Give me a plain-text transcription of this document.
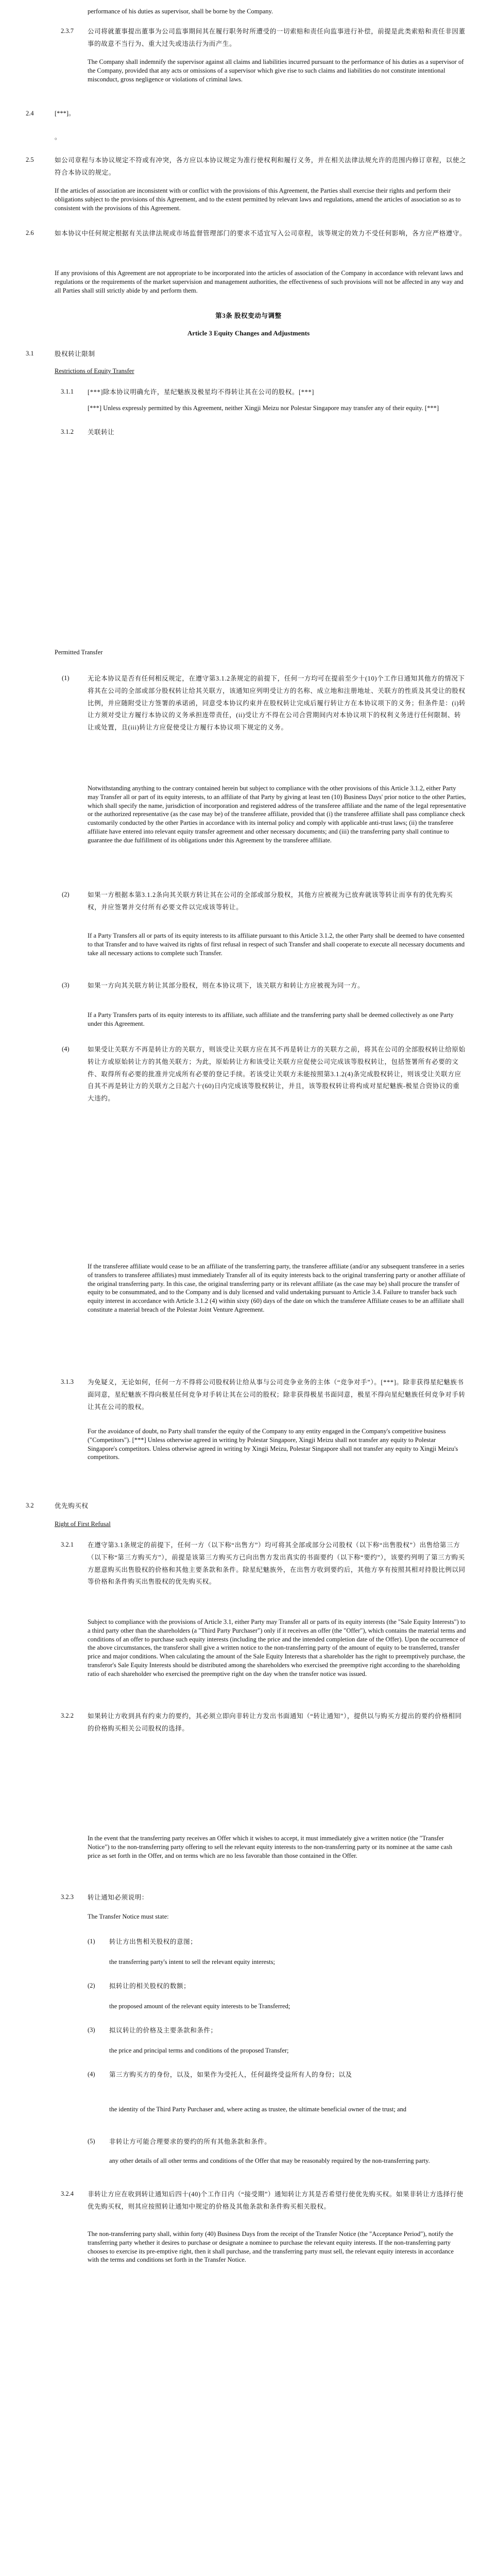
performance of his duties as supervisor, shall be borne by the Company.

2.3.7 公司将就董事提出董事为公司监事期间其在履行职务时所遭受的一切索赔和责任向监事进行补偿，前提是此类索赔和责任非因董事的故意不当行为、重大过失或违法行为而产生。

The Company shall indemnify the supervisor against all claims and liabilities incurred pursuant to the performance of his duties as a supervisor of the Company, provided that any acts or omissions of a supervisor which give rise to such claims and liabilities do not constitute intentional misconduct, gross negligence or violations of criminal laws.

2.4	[***]。

。

2.5	如公司章程与本协议规定不符或有冲突，各方应以本协议规定为准行使权利和履行义务，并在相关法律法规允许的范围内修订章程，以使之符合本协议的规定。

If the articles of association are inconsistent with or conflict with the provisions of this Agreement, the Parties shall exercise their rights and perform their obligations subject to the provisions of this Agreement, and to the extent permitted by relevant laws and regulations, amend the articles of association so as to consistent with the provisions of this Agreement.

2.6	如本协议中任何规定根据有关法律法规或市场监督管理部门的要求不适宜写入公司章程，该等规定的效力不受任何影响，各方应严格遵守。

If any provisions of this Agreement are not appropriate to be incorporated into the articles of association of the Company in accordance with relevant laws and regulations or the requirements of the market supervision and management authorities, the effectiveness of such provisions will not be affected in any way and all Parties shall still strictly abide by and perform them.

第3条 股权变动与调整

Article 3 Equity Changes and Adjustments

3.1	股权转让限制

Restrictions of Equity Transfer

3.1.1 [***]除本协议明确允许，星纪魅族及极星均不得转让其在公司的股权。[***]

[***] Unless expressly permitted by this Agreement, neither Xingji Meizu nor Polestar Singapore may transfer any of their equity. [***]

3.1.2 关联转让

Permitted Transfer

(1)	无论本协议是否有任何相反规定，在遵守第3.1.2条规定的前提下，任何一方均可在提前至少十(10)个工作日通知其他方的情况下将其在公司的全部或部分股权转让给其关联方，该通知应列明受让方的名称、成立地和注册地址、关联方的性质及其受让的股权比例，并应随附受让方签署的承诺函，同意受本协议约束并在股权转让完成后履行转让方在本协议项下的义务；但条件是：(i)转让方须对受让方履行本协议的义务承担连带责任，(ii)受让方不得在公司合营期间内对本协议项下的权利义务进行任何限制、转让或处置，且(iii)转让方应促使受让方履行本协议项下规定的义务。

Notwithstanding anything to the contrary contained herein but subject to compliance with the other provisions of this Article 3.1.2, either Party may Transfer all or part of its equity interests, to an affiliate of that Party by giving at least ten (10) Business Days' prior notice to the other Parties, which shall specify the name, jurisdiction of incorporation and registered address of the transferee affiliate and the name of the legal representative or the authorized representative (as the case may be) of the transferee affiliate, provided that (i) the transferee affiliate shall pass compliance check customarily conducted by the other Parties in accordance with its internal policy and comply with applicable anti-trust laws; (ii) the transferee affiliate have entered into relevant equity transfer agreement and other necessary documents; and (iii) the transferring party shall continue to guarantee the due fulfillment of its obligations under this Agreement by the transferee affiliate.

(2)	如果一方根据本第3.1.2条向其关联方转让其在公司的全部或部分股权，其他方应被视为已放弃就该等转让而享有的优先购买权，并应签署并交付所有必要文件以完成该等转让。

If a Party Transfers all or parts of its equity interests to its affiliate pursuant to this Article 3.1.2, the other Party shall be deemed to have consented to that Transfer and to have waived its rights of first refusal in respect of such Transfer and shall cooperate to execute all necessary documents and take all necessary actions to complete such Transfer.

(3)	如果一方向其关联方转让其部分股权，则在本协议项下，该关联方和转让方应被视为同一方。

If a Party Transfers parts of its equity interests to its affiliate, such affiliate and the transferring party shall be deemed collectively as one Party under this Agreement.

(4)	如果受让关联方不再是转让方的关联方，则该受让关联方应在其不再是转让方的关联方之前，将其在公司的全部股权转让给原始转让方或原始转让方的其他关联方；为此，原始转让方和该受让关联方应促使公司完成该等股权转让，包括签署所有必要的文件、取得所有必要的批准并完成所有必要的登记手续。若该受让关联方未能按照第3.1.2(4)条完成股权转让，则该受让关联方应自其不再是转让方的关联方之日起六十(60)日内完成该等股权转让，并且，该等股权转让将构成对星纪魅族-极星合资协议的重大违约。

If the transferee affiliate would cease to be an affiliate of the transferring party, the transferee affiliate (and/or any subsequent transferee in a series of transfers to transferee affiliates) must immediately Transfer all of its equity interests back to the original transferring party or another affiliate of the original transferring party. In this case, the original transferring party or its relevant affiliate (as the case may be) shall procure the transfer of equity to be consummated, and to the Company and is duly licensed and valid undertaking pursuant to Article 3.4. Failure to transfer back such equity interest in accordance with Article 3.1.2 (4) within sixty (60) days of the date on which the transferee Affiliate ceases to be an affiliate shall constitute a material breach of the Polestar Joint Venture Agreement.

3.1.3 为免疑义，无论如何，任何一方不得将公司股权转让给从事与公司竞争业务的主体（“竞争对手”）。[***]。除非获得星纪魅族书面同意，星纪魅族不得向极星任何竞争对手转让其在公司的股权；除非获得极星书面同意，极星不得向星纪魅族任何竞争对手转让其在公司的股权。

For the avoidance of doubt, no Party shall transfer the equity of the Company to any entity engaged in the Company's competitive business ("Competitors"). [***] Unless otherwise agreed in writing by Polestar Singapore, Xingji Meizu shall not transfer any equity to Polestar Singapore's competitors. Unless otherwise agreed in writing by Xingji Meizu, Polestar Singapore shall not transfer any equity to Xingji Meizu's competitors.

3.2	优先购买权

Right of First Refusal

3.2.1 在遵守第3.1条规定的前提下，任何一方（以下称“出售方”）均可将其全部或部分公司股权（以下称“出售股权”）出售给第三方（以下称“第三方购买方”），前提是该第三方购买方已向出售方发出真实的书面要约（以下称“要约”），该要约列明了第三方购买方愿意购买出售股权的价格和其他主要条款和条件。除星纪魅族外，在出售方收到要约后，其他方享有按照其相对持股比例以同等价格和条件购买出售股权的优先购买权。

Subject to compliance with the provisions of Article 3.1, either Party may Transfer all or parts of its equity interests (the "Sale Equity Interests") to a third party other than the shareholders (a "Third Party Purchaser") only if it receives an offer (the "Offer"), which contains the material terms and conditions of an offer to purchase such equity interests (including the price and the intended completion date of the Offer). Upon the occurrence of the above circumstances, the transferor shall give a written notice to the non-transferring party of the amount of equity to be transferred, transfer price and major conditions. When calculating the amount of the Sale Equity Interests that a shareholder has the right to preemptively purchase, the transferor's Sale Equity Interests should be distributed among the shareholders who exercised the preemptive right according to the shareholding ratio of each shareholder who exercised the preemptive right on the day when the transfer notice was issued.

3.2.2 如果转让方收到具有约束力的要约，其必须立即向非转让方发出书面通知（“转让通知”），提供以与购买方提出的要约价格相同的价格购买相关公司股权的选择。

In the event that the transferring party receives an Offer which it wishes to accept, it must immediately give a written notice (the "Transfer Notice") to the non-transferring party offering to sell the relevant equity interests to the non-transferring party or its nominee at the same cash price as set forth in the Offer, and on terms which are no less favorable than those contained in the Offer.

3.2.3 转让通知必须说明：

The Transfer Notice must state:

(1) 转让方出售相关股权的意图；

the transferring party's intent to sell the relevant equity interests;

(2) 拟转让的相关股权的数额；

the proposed amount of the relevant equity interests to be Transferred;

(3) 拟议转让的价格及主要条款和条件；

the price and principal terms and conditions of the proposed Transfer;

(4) 第三方购买方的身份，以及，如果作为受托人，任何最终受益所有人的身份；以及

the identity of the Third Party Purchaser and, where acting as trustee, the ultimate beneficial owner of the trust; and

(5) 非转让方可能合理要求的要约的所有其他条款和条件。

any other details of all other terms and conditions of the Offer that may be reasonably required by the non-transferring party.

3.2.4 非转让方应在收到转让通知后四十(40)个工作日内（“接受期”）通知转让方其是否希望行使优先购买权。如果非转让方选择行使优先购买权，则其应按照转让通知中规定的价格及其他条款和条件购买相关股权。

The non-transferring party shall, within forty (40) Business Days from the receipt of the Transfer Notice (the "Acceptance Period"), notify the transferring party whether it desires to purchase or designate a nominee to purchase the relevant equity interests. If the non-transferring party chooses to exercise its pre-emptive right, then it shall purchase, and the transferring party must sell, the relevant equity interests in accordance with the terms and conditions set forth in the Transfer Notice.
